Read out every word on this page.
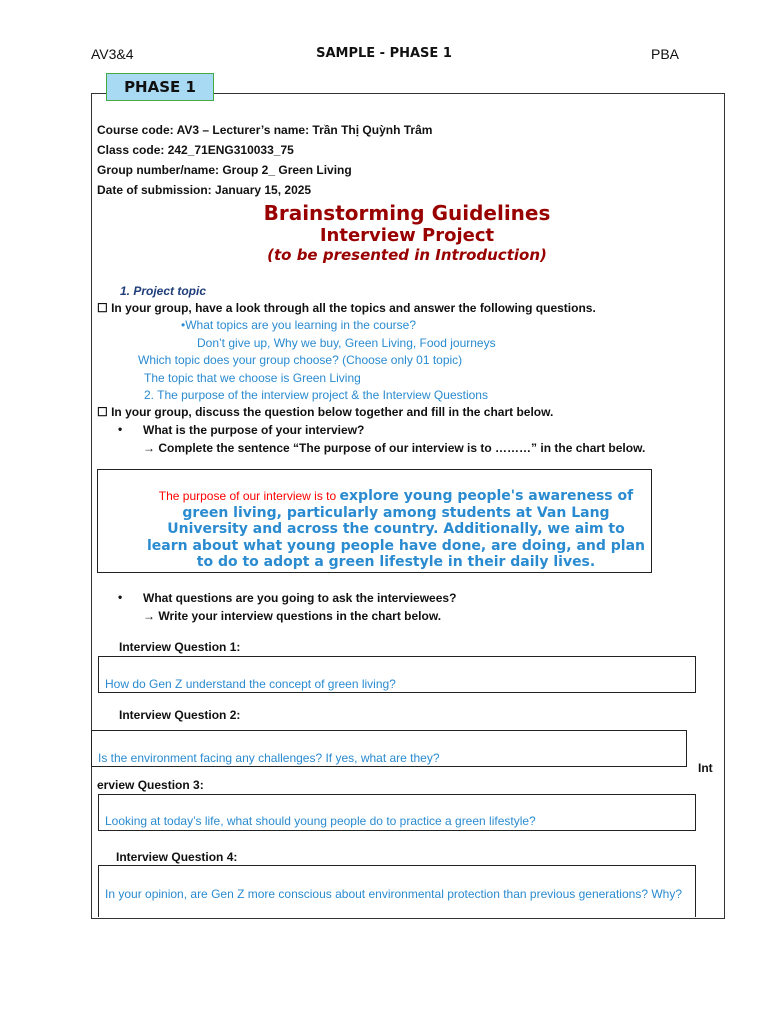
AV3&4	SAMPLE - PHASE 1	PBA
PHASE 1
Course code: AV3 – Lecturer’s name: Trần Thị Quỳnh Trâm
Class code: 242_71ENG310033_75
Group number/name: Group 2_ Green Living
Date of submission: January 15, 2025
Brainstorming Guidelines
Interview Project
(to be presented in Introduction)
1. Project topic
☐ In your group, have a look through all the topics and answer the following questions.
•What topics are you learning in the course?
Don’t give up, Why we buy, Green Living, Food journeys
Which topic does your group choose? (Choose only 01 topic)
The topic that we choose is Green Living
2. The purpose of the interview project & the Interview Questions
☐ In your group, discuss the question below together and fill in the chart below.
• What is the purpose of your interview?
→ Complete the sentence “The purpose of our interview is to ………” in the chart below.
The purpose of our interview is to explore young people's awareness of green living, particularly among students at Van Lang University and across the country. Additionally, we aim to learn about what young people have done, are doing, and plan to do to adopt a green lifestyle in their daily lives.
• What questions are you going to ask the interviewees?
→ Write your interview questions in the chart below.
Interview Question 1:
How do Gen Z understand the concept of green living?
Interview Question 2:
Is the environment facing any challenges? If yes, what are they?
Int
erview Question 3:
Looking at today’s life, what should young people do to practice a green lifestyle?
Interview Question 4:
In your opinion, are Gen Z more conscious about environmental protection than previous generations? Why?
